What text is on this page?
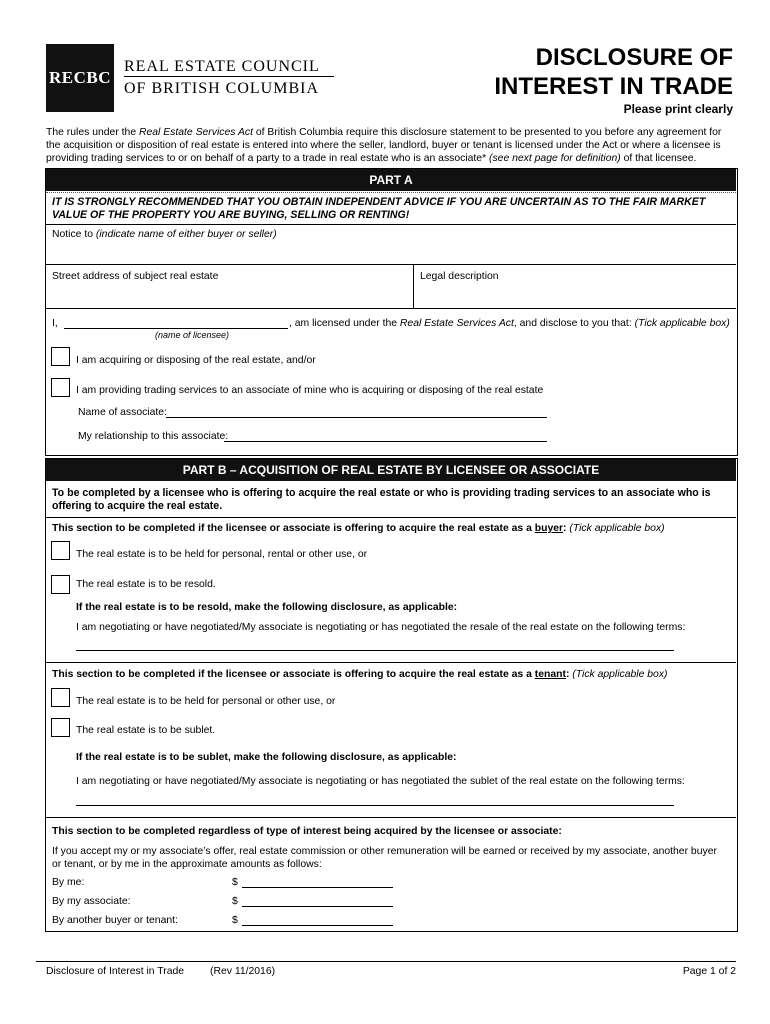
RECBC
REAL ESTATE COUNCIL
OF BRITISH COLUMBIA
DISCLOSURE OF
INTEREST IN TRADE
Please print clearly
The rules under the Real Estate Services Act of British Columbia require this disclosure statement to be presented to you before any agreement for the acquisition or disposition of real estate is entered into where the seller, landlord, buyer or tenant is licensed under the Act or where a licensee is providing trading services to or on behalf of a party to a trade in real estate who is an associate* (see next page for definition) of that licensee.
PART A
IT IS STRONGLY RECOMMENDED THAT YOU OBTAIN INDEPENDENT ADVICE IF YOU ARE UNCERTAIN AS TO THE FAIR MARKET VALUE OF THE PROPERTY YOU ARE BUYING, SELLING OR RENTING!
Notice to (indicate name of either buyer or seller)
Street address of subject real estate	Legal description
I,	, am licensed under the Real Estate Services Act, and disclose to you that: (Tick applicable box)
(name of licensee)
I am acquiring or disposing of the real estate, and/or
I am providing trading services to an associate of mine who is acquiring or disposing of the real estate
Name of associate:
My relationship to this associate:
PART B – ACQUISITION OF REAL ESTATE BY LICENSEE OR ASSOCIATE
To be completed by a licensee who is offering to acquire the real estate or who is providing trading services to an associate who is offering to acquire the real estate.
This section to be completed if the licensee or associate is offering to acquire the real estate as a buyer: (Tick applicable box)
The real estate is to be held for personal, rental or other use, or
The real estate is to be resold.
If the real estate is to be resold, make the following disclosure, as applicable:
I am negotiating or have negotiated/My associate is negotiating or has negotiated the resale of the real estate on the following terms:
This section to be completed if the licensee or associate is offering to acquire the real estate as a tenant: (Tick applicable box)
The real estate is to be held for personal or other use, or
The real estate is to be sublet.
If the real estate is to be sublet, make the following disclosure, as applicable:
I am negotiating or have negotiated/My associate is negotiating or has negotiated the sublet of the real estate on the following terms:
This section to be completed regardless of type of interest being acquired by the licensee or associate:
If you accept my or my associate’s offer, real estate commission or other remuneration will be earned or received by my associate, another buyer or tenant, or by me in the approximate amounts as follows:
By me:	$
By my associate:	$
By another buyer or tenant:	$
Disclosure of Interest in Trade (Rev 11/2016)	Page 1 of 2
